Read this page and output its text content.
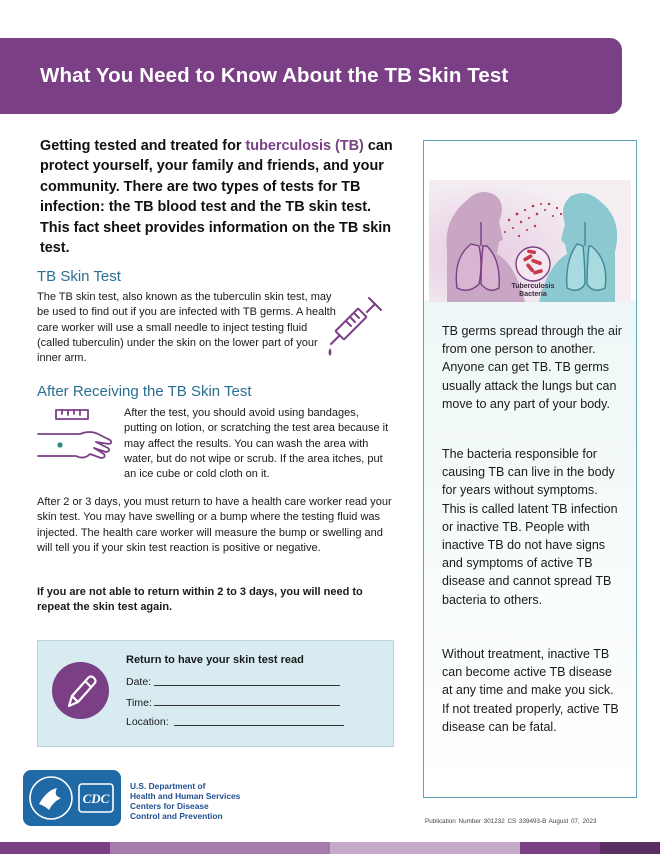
What You Need to Know About the TB Skin Test
Getting tested and treated for tuberculosis (TB) can protect yourself, your family and friends, and your community. There are two types of tests for TB infection: the TB blood test and the TB skin test. This fact sheet provides information on the TB skin test.
TB Skin Test
The TB skin test, also known as the tuberculin skin test, may be used to find out if you are infected with TB germs. A health care worker will use a small needle to inject testing fluid (called tuberculin) under the skin on the lower part of your inner arm.
After Receiving the TB Skin Test
After the test, you should avoid using bandages, putting on lotion, or scratching the test area because it may affect the results. You can wash the area with water, but do not wipe or scrub. If the area itches, put an ice cube or cold cloth on it.
After 2 or 3 days, you must return to have a health care worker read your skin test. You may have swelling or a bump where the testing fluid was injected. The health care worker will measure the bump or swelling and will tell you if your skin test reaction is positive or negative.
If you are not able to return within 2 to 3 days, you will need to repeat the skin test again.
Return to have your skin test read
Date:
Time:
Location:
Tuberculosis
Bacteria
TB germs spread through the air from one person to another. Anyone can get TB. TB germs usually attack the lungs but can move to any part of your body.
The bacteria responsible for causing TB can live in the body for years without symptoms. This is called latent TB infection or inactive TB. People with inactive TB do not have signs and symptoms of active TB disease and cannot spread TB bacteria to others.
Without treatment, inactive TB can become active TB disease at any time and make you sick. If not treated properly, active TB disease can be fatal.
CDC
U.S. Department of
Health and Human Services
Centers for Disease
Control and Prevention
Publication Number 301232 CS 339493-B August 07, 2023
